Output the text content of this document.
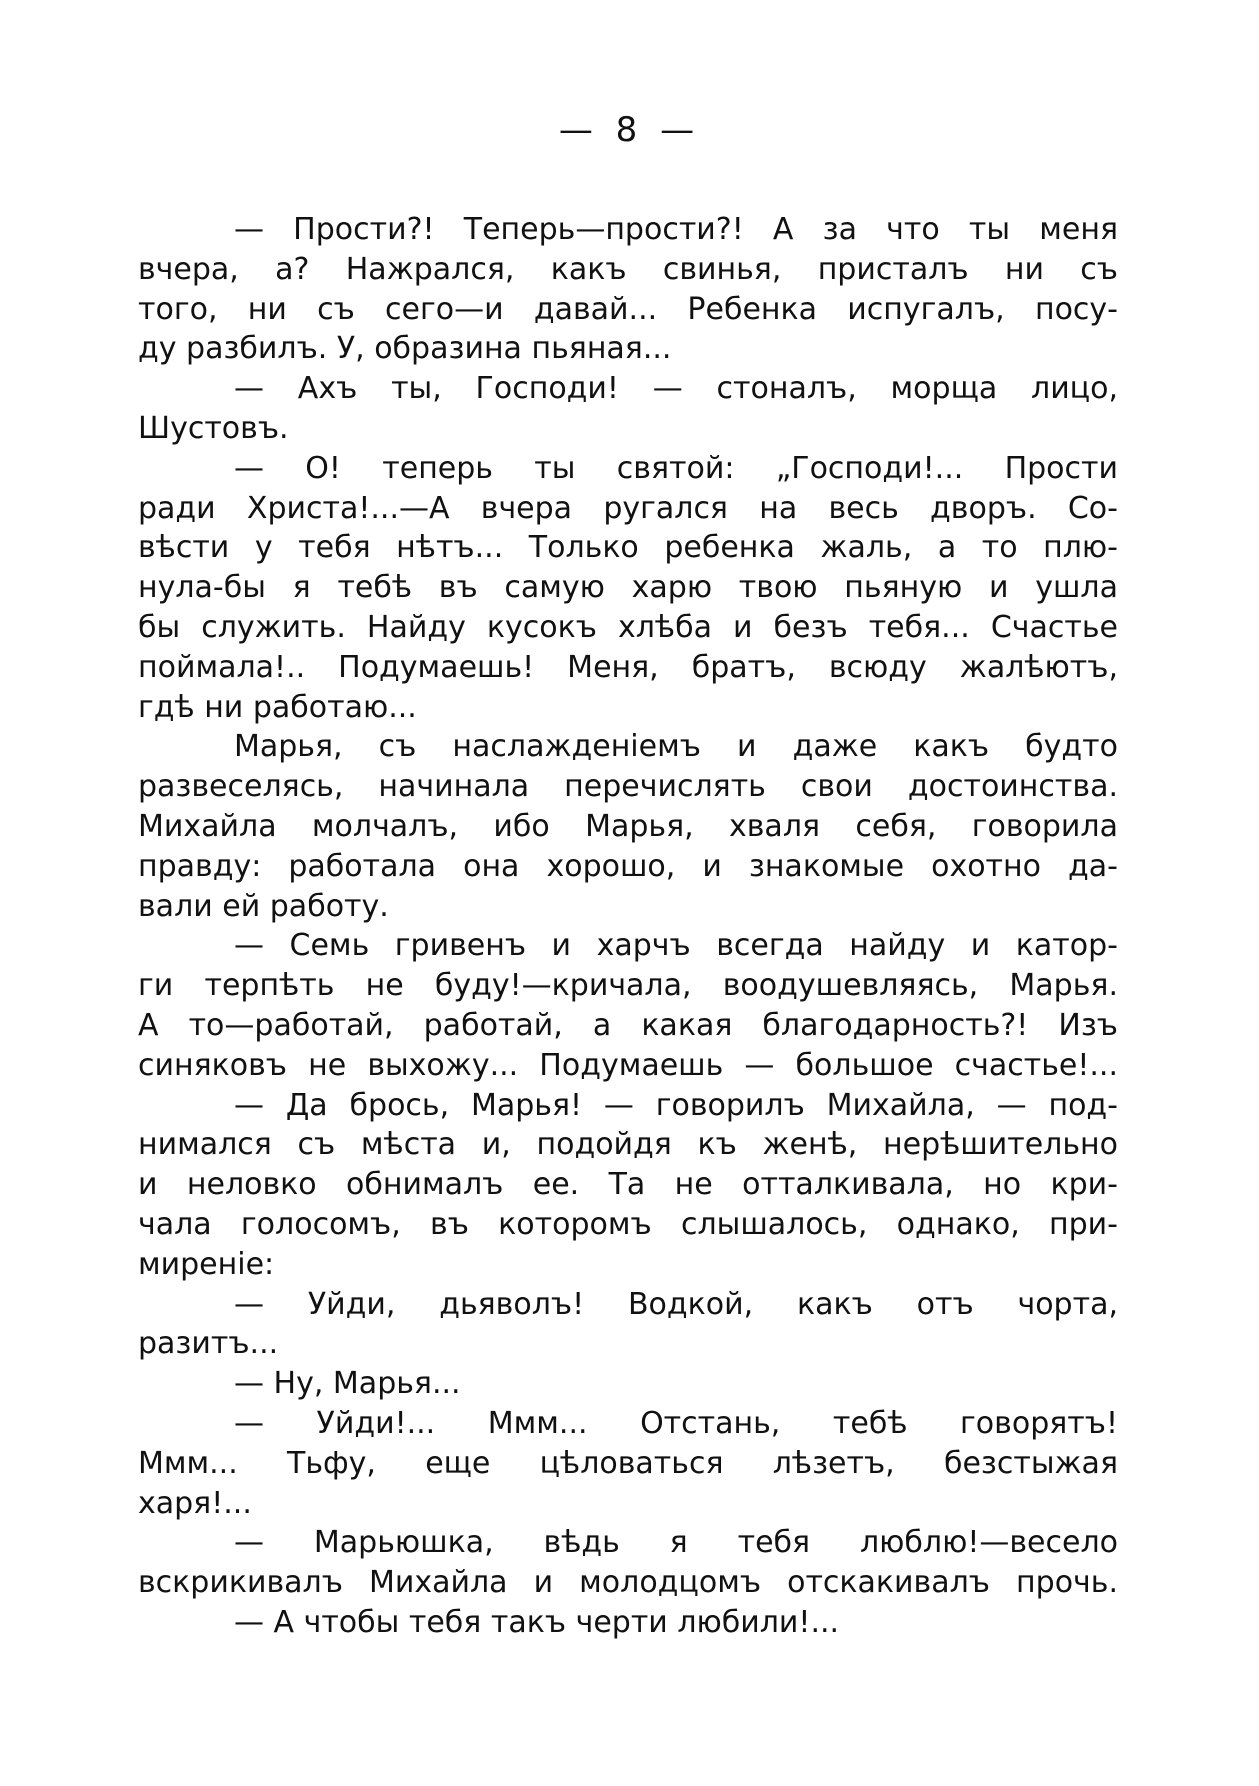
— 8 —
— Прости?! Теперь—прости?! А за что ты меня
вчера, а? Нажрался, какъ свинья, присталъ ни съ
того, ни съ сего—и давай... Ребенка испугалъ, посу-
ду разбилъ. У, образина пьяная...
— Ахъ ты, Господи! — стоналъ, морща лицо,
Шустовъ.
— О! теперь ты святой: „Господи!... Прости
ради Христа!...—А вчера ругался на весь дворъ. Со-
вѣсти у тебя нѣтъ... Только ребенка жаль, а то плю-
нула-бы я тебѣ въ самую харю твою пьяную и ушла
бы служить. Найду кусокъ хлѣба и безъ тебя... Счастье
поймала!.. Подумаешь! Меня, братъ, всюду жалѣютъ,
гдѣ ни работаю...
Марья, съ наслажденіемъ и даже какъ будто
развеселясь, начинала перечислять свои достоинства.
Михайла молчалъ, ибо Марья, хваля себя, говорила
правду: работала она хорошо, и знакомые охотно да-
вали ей работу.
— Семь гривенъ и харчъ всегда найду и катор-
ги терпѣть не буду!—кричала, воодушевляясь, Марья.
А то—работай, работай, а какая благодарность?! Изъ
синяковъ не выхожу... Подумаешь — большое счастье!...
— Да брось, Марья! — говорилъ Михайла, — под-
нимался съ мѣста и, подойдя къ женѣ, нерѣшительно
и неловко обнималъ ее. Та не отталкивала, но кри-
чала голосомъ, въ которомъ слышалось, однако, при-
миреніе:
— Уйди, дьяволъ! Водкой, какъ отъ чорта,
разитъ...
— Ну, Марья...
— Уйди!... Ммм... Отстань, тебѣ говорятъ!
Ммм... Тьфу, еще цѣловаться лѣзетъ, безстыжая
харя!...
— Марьюшка, вѣдь я тебя люблю!—весело
вскрикивалъ Михайла и молодцомъ отскакивалъ прочь.
— А чтобы тебя такъ черти любили!...
